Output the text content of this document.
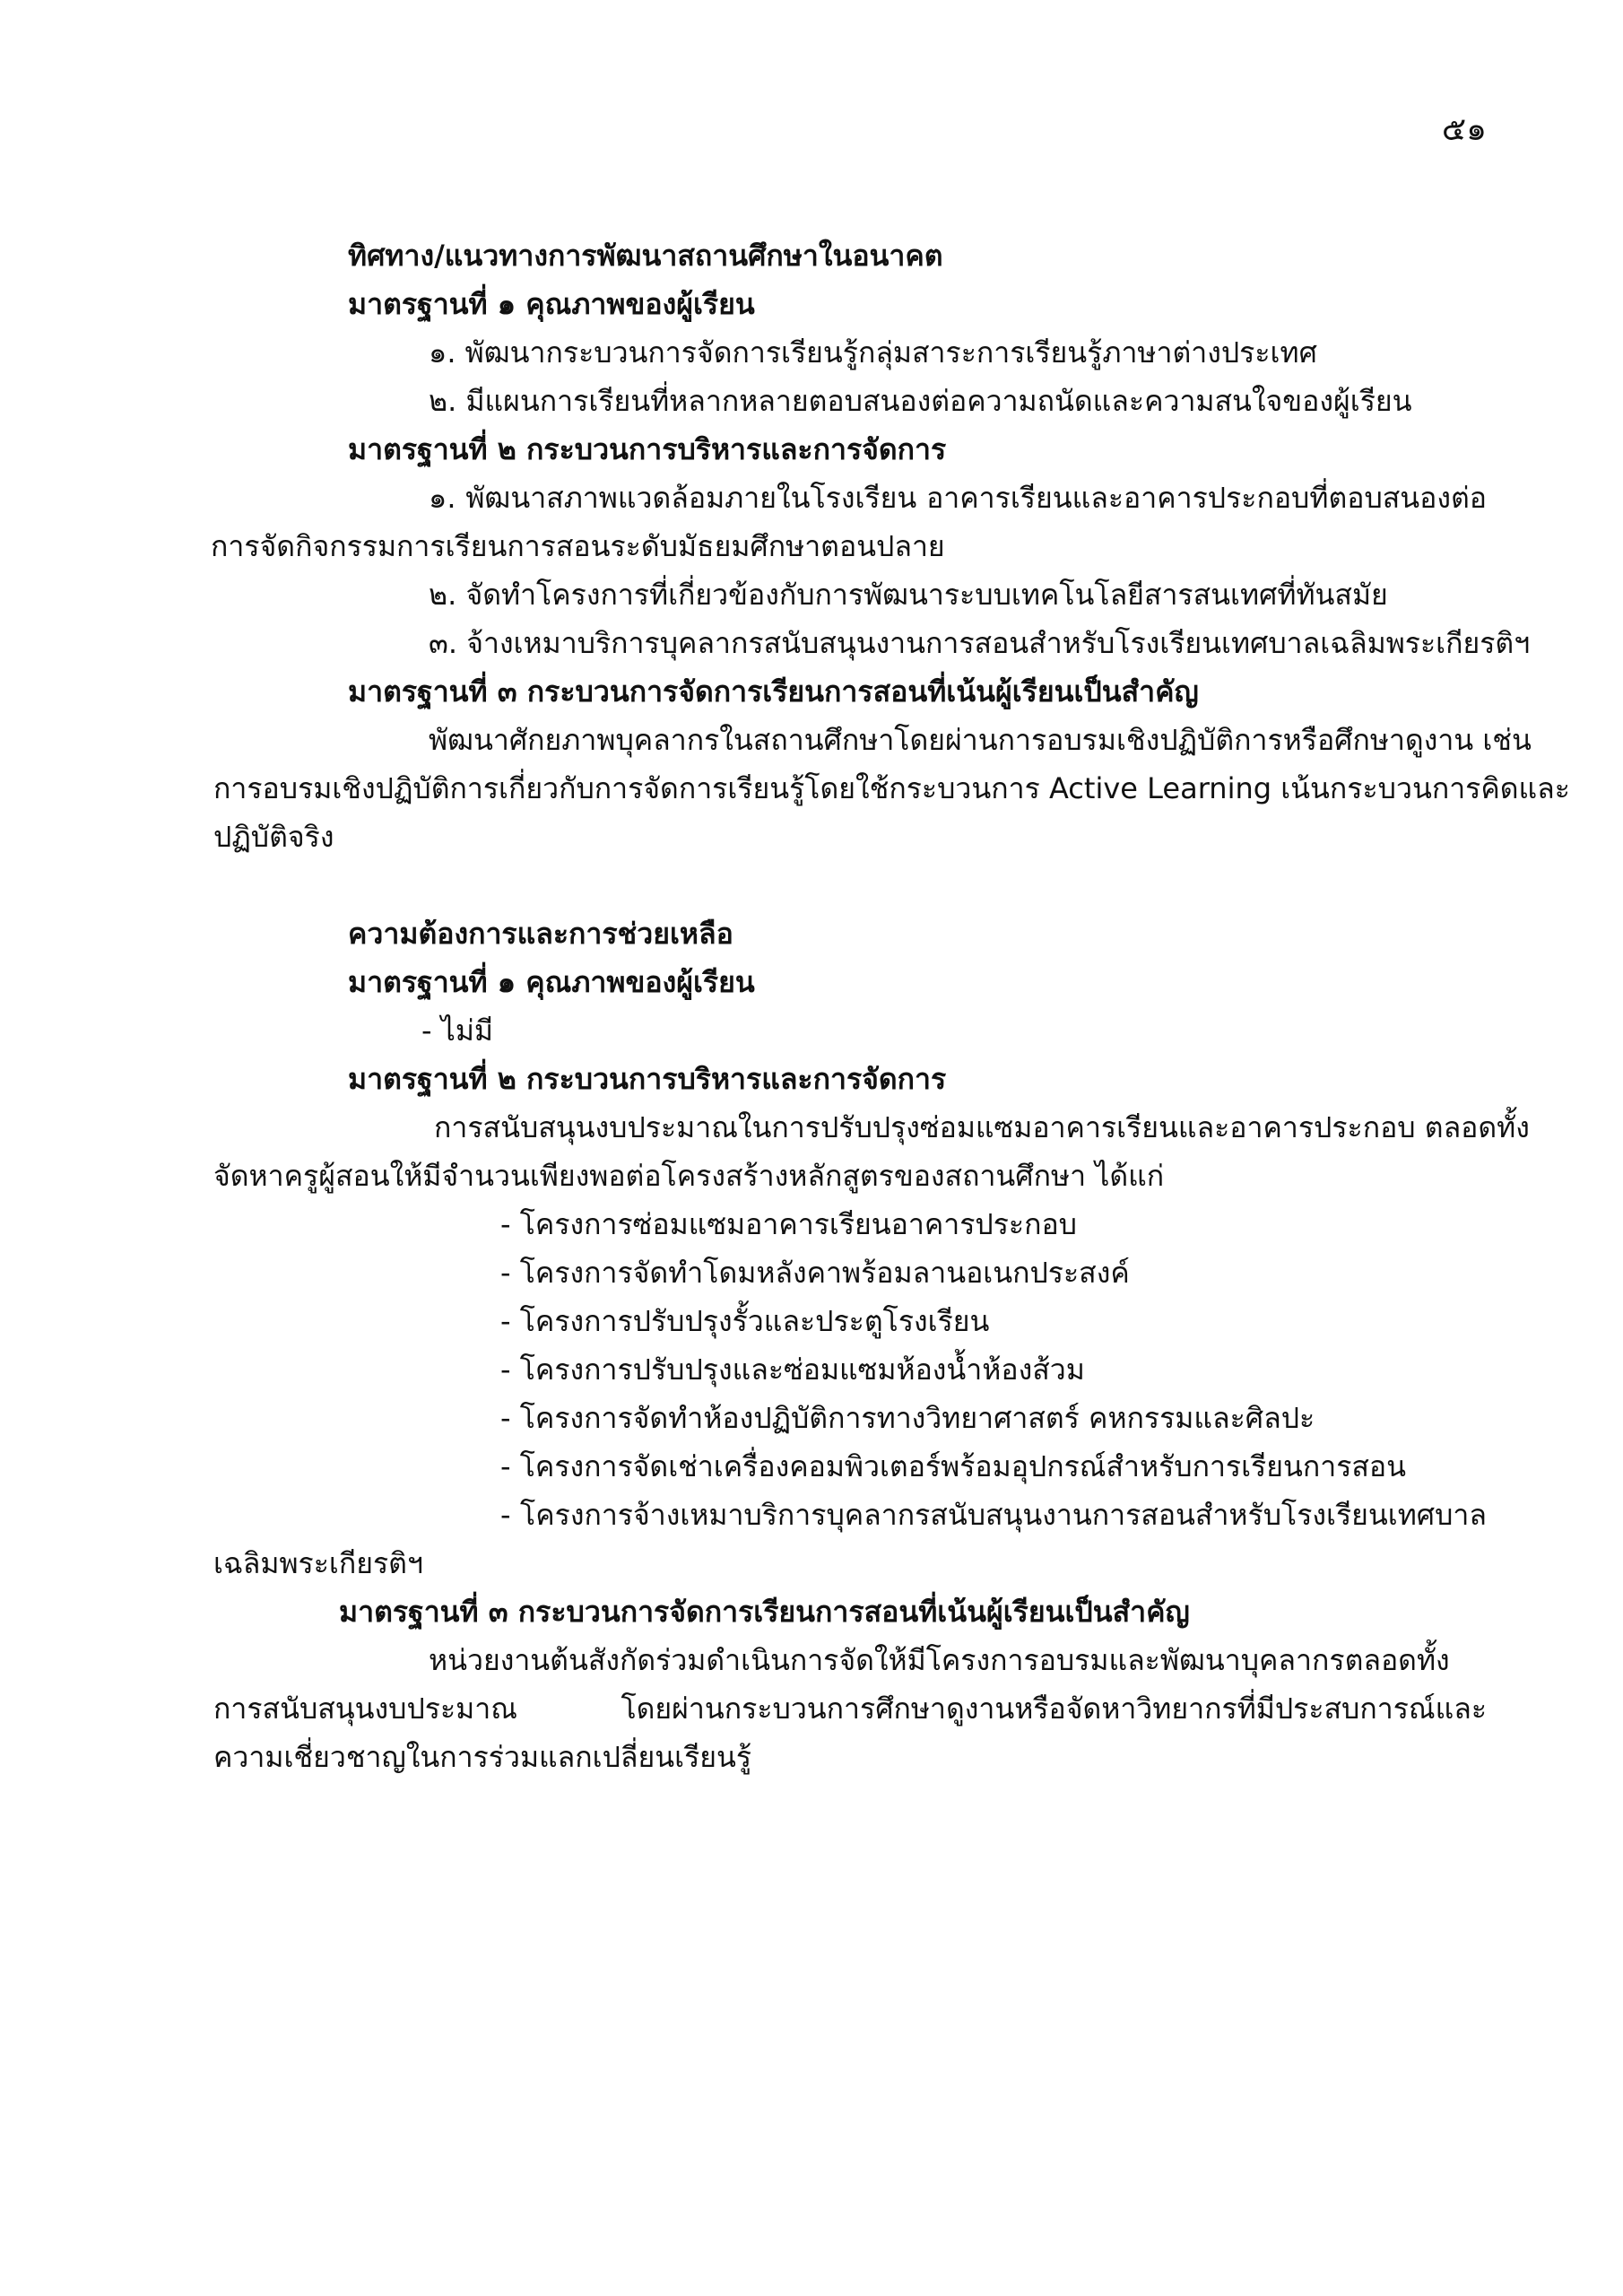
๕๑
ทิศทาง/แนวทางการพัฒนาสถานศึกษาในอนาคต
มาตรฐานที่ ๑ คุณภาพของผู้เรียน
๑. พัฒนากระบวนการจัดการเรียนรู้กลุ่มสาระการเรียนรู้ภาษาต่างประเทศ
๒. มีแผนการเรียนที่หลากหลายตอบสนองต่อความถนัดและความสนใจของผู้เรียน
มาตรฐานที่ ๒ กระบวนการบริหารและการจัดการ
๑. พัฒนาสภาพแวดล้อมภายในโรงเรียน อาคารเรียนและอาคารประกอบที่ตอบสนองต่อ
การจัดกิจกรรมการเรียนการสอนระดับมัธยมศึกษาตอนปลาย
๒. จัดทำโครงการที่เกี่ยวข้องกับการพัฒนาระบบเทคโนโลยีสารสนเทศที่ทันสมัย
๓. จ้างเหมาบริการบุคลากรสนับสนุนงานการสอนสำหรับโรงเรียนเทศบาลเฉลิมพระเกียรติฯ
มาตรฐานที่ ๓ กระบวนการจัดการเรียนการสอนที่เน้นผู้เรียนเป็นสำคัญ
พัฒนาศักยภาพบุคลากรในสถานศึกษาโดยผ่านการอบรมเชิงปฏิบัติการหรือศึกษาดูงาน เช่น
การอบรมเชิงปฏิบัติการเกี่ยวกับการจัดการเรียนรู้โดยใช้กระบวนการ Active Learning เน้นกระบวนการคิดและ
ปฏิบัติจริง
ความต้องการและการช่วยเหลือ
มาตรฐานที่ ๑ คุณภาพของผู้เรียน
- ไม่มี
มาตรฐานที่ ๒ กระบวนการบริหารและการจัดการ
การสนับสนุนงบประมาณในการปรับปรุงซ่อมแซมอาคารเรียนและอาคารประกอบ ตลอดทั้ง
จัดหาครูผู้สอนให้มีจำนวนเพียงพอต่อโครงสร้างหลักสูตรของสถานศึกษา ได้แก่
- โครงการซ่อมแซมอาคารเรียนอาคารประกอบ
- โครงการจัดทำโดมหลังคาพร้อมลานอเนกประสงค์
- โครงการปรับปรุงรั้วและประตูโรงเรียน
- โครงการปรับปรุงและซ่อมแซมห้องน้ำห้องส้วม
- โครงการจัดทำห้องปฏิบัติการทางวิทยาศาสตร์ คหกรรมและศิลปะ
- โครงการจัดเช่าเครื่องคอมพิวเตอร์พร้อมอุปกรณ์สำหรับการเรียนการสอน
- โครงการจ้างเหมาบริการบุคลากรสนับสนุนงานการสอนสำหรับโรงเรียนเทศบาล
เฉลิมพระเกียรติฯ
มาตรฐานที่ ๓ กระบวนการจัดการเรียนการสอนที่เน้นผู้เรียนเป็นสำคัญ
หน่วยงานต้นสังกัดร่วมดำเนินการจัดให้มีโครงการอบรมและพัฒนาบุคลากรตลอดทั้ง
การสนับสนุนงบประมาณ โดยผ่านกระบวนการศึกษาดูงานหรือจัดหาวิทยากรที่มีประสบการณ์และ
ความเชี่ยวชาญในการร่วมแลกเปลี่ยนเรียนรู้
